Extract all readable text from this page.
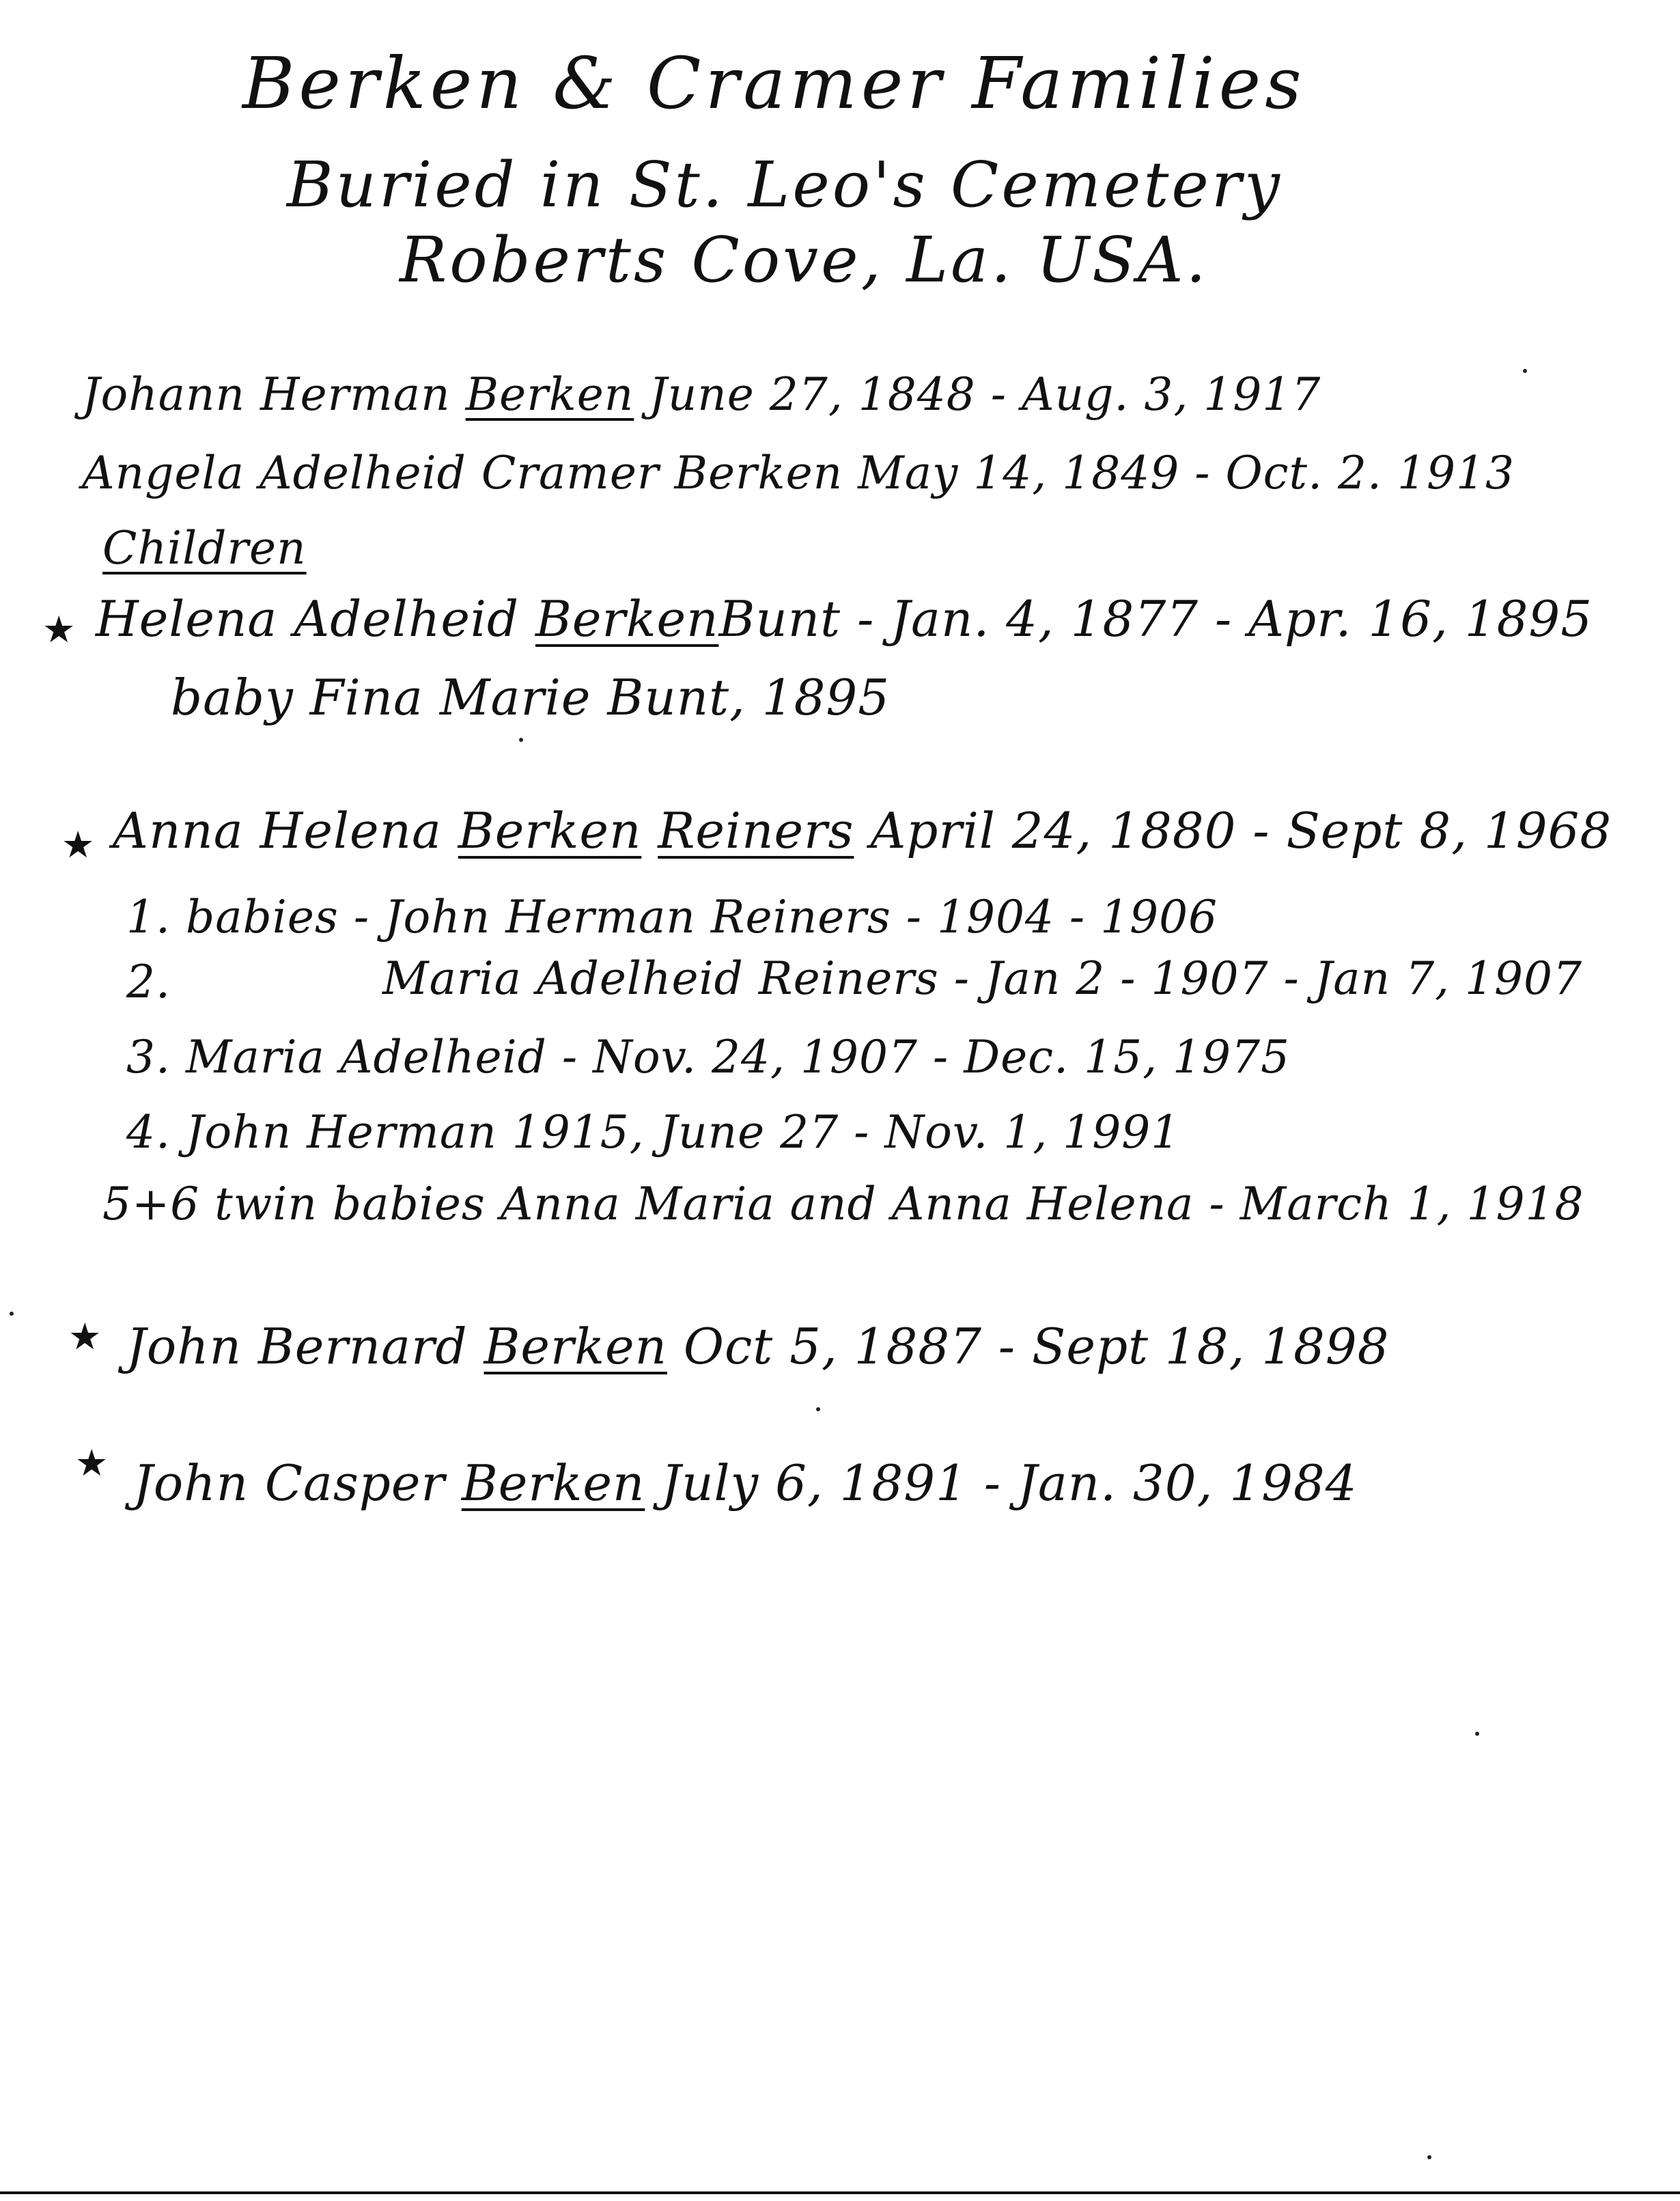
Berken & Cramer Families
Buried in St. Leo's Cemetery
Roberts Cove, La. USA.
Johann Herman Berken June 27, 1848 - Aug. 3, 1917
Angela Adelheid Cramer Berken May 14, 1849 - Oct. 2. 1913
Children
★ Helena Adelheid BerkenBunt - Jan. 4, 1877 - Apr. 16, 1895
baby Fina Marie Bunt, 1895
★ Anna Helena Berken Reiners April 24, 1880 - Sept 8, 1968
1. babies - John Herman Reiners - 1904 - 1906
2.	Maria Adelheid Reiners - Jan 2 - 1907 - Jan 7, 1907
3. Maria Adelheid - Nov. 24, 1907 - Dec. 15, 1975
4. John Herman 1915, June 27 - Nov. 1, 1991
5+6 twin babies Anna Maria and Anna Helena - March 1, 1918
★ John Bernard Berken Oct 5, 1887 - Sept 18, 1898
★ John Casper Berken July 6, 1891 - Jan. 30, 1984
